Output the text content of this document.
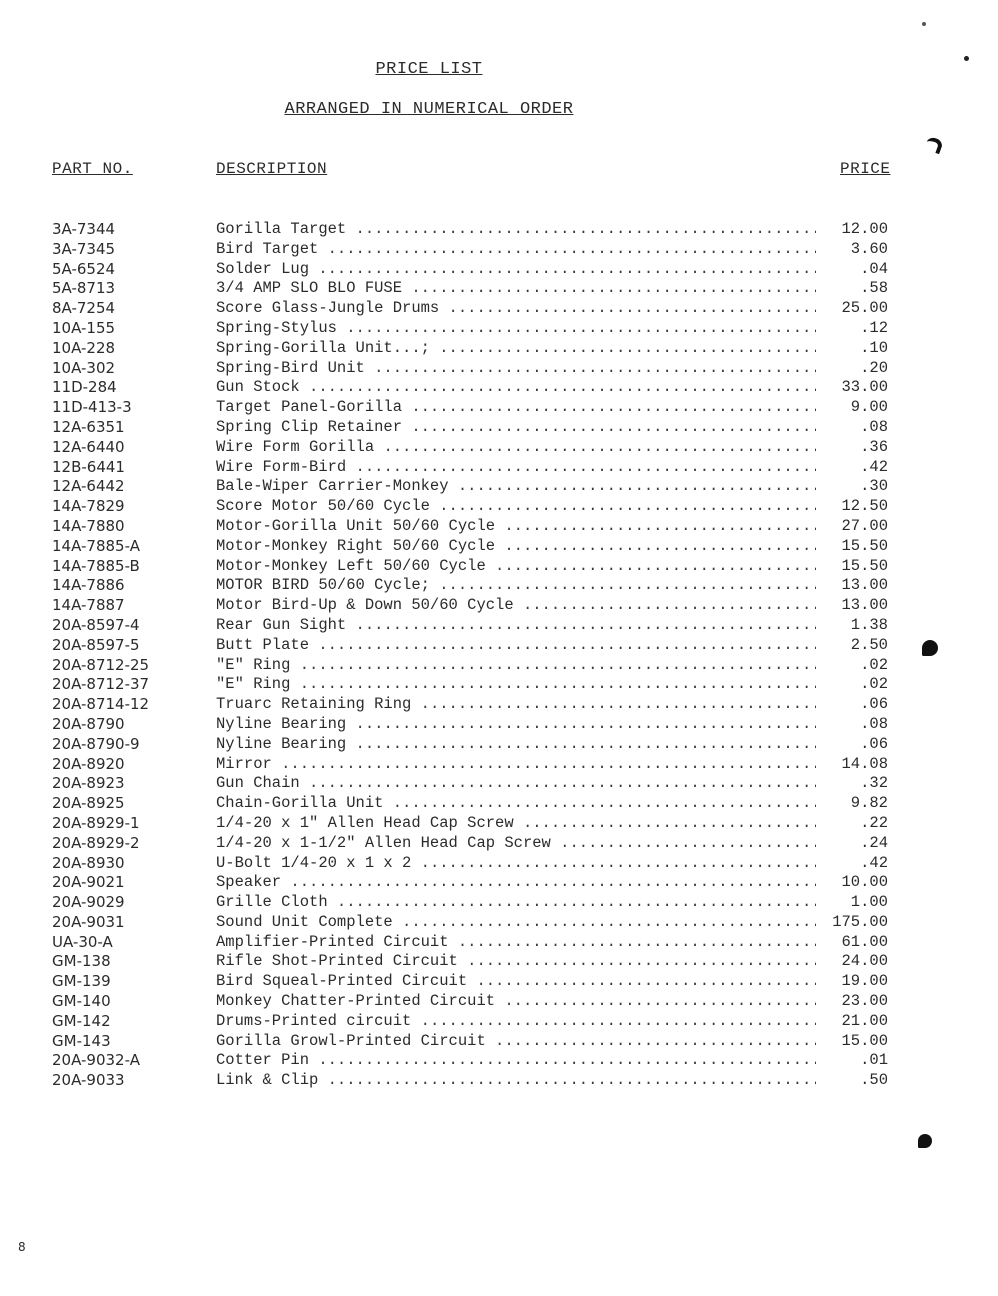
PRICE LIST
ARRANGED IN NUMERICAL ORDER
PART NO.	DESCRIPTION	PRICE
3A-7344	Gorilla Target .....	12.00
3A-7345	Bird Target .....	3.60
5A-6524	Solder Lug .....	.04
5A-8713	3/4 AMP SLO BLO FUSE .....	.58
8A-7254	Score Glass-Jungle Drums .....	25.00
10A-155	Spring-Stylus .....	.12
10A-228	Spring-Gorilla Unit...; .....	.10
10A-302	Spring-Bird Unit .....	.20
11D-284	Gun Stock .....	33.00
11D-413-3	Target Panel-Gorilla .....	9.00
12A-6351	Spring Clip Retainer .....	.08
12A-6440	Wire Form Gorilla .....	.36
12B-6441	Wire Form-Bird .....	.42
12A-6442	Bale-Wiper Carrier-Monkey .....	.30
14A-7829	Score Motor 50/60 Cycle .....	12.50
14A-7880	Motor-Gorilla Unit 50/60 Cycle .....	27.00
14A-7885-A	Motor-Monkey Right 50/60 Cycle .....	15.50
14A-7885-B	Motor-Monkey Left 50/60 Cycle .....	15.50
14A-7886	MOTOR BIRD 50/60 Cycle; .....	13.00
14A-7887	Motor Bird-Up & Down 50/60 Cycle .....	13.00
20A-8597-4	Rear Gun Sight .....	1.38
20A-8597-5	Butt Plate .....	2.50
20A-8712-25	"E" Ring .....	.02
20A-8712-37	"E" Ring .....	.02
20A-8714-12	Truarc Retaining Ring .....	.06
20A-8790	Nyline Bearing .....	.08
20A-8790-9	Nyline Bearing .....	.06
20A-8920	Mirror .....	14.08
20A-8923	Gun Chain .....	.32
20A-8925	Chain-Gorilla Unit .....	9.82
20A-8929-1	1/4-20 x 1" Allen Head Cap Screw .....	.22
20A-8929-2	1/4-20 x 1-1/2" Allen Head Cap Screw .....	.24
20A-8930	U-Bolt 1/4-20 x 1 x 2 .....	.42
20A-9021	Speaker .....	10.00
20A-9029	Grille Cloth .....	1.00
20A-9031	Sound Unit Complete .....	175.00
UA-30-A	Amplifier-Printed Circuit .....	61.00
GM-138	Rifle Shot-Printed Circuit .....	24.00
GM-139	Bird Squeal-Printed Circuit .....	19.00
GM-140	Monkey Chatter-Printed Circuit .....	23.00
GM-142	Drums-Printed circuit .....	21.00
GM-143	Gorilla Growl-Printed Circuit .....	15.00
20A-9032-A	Cotter Pin .....	.01
20A-9033	Link & Clip .....	.50
8
